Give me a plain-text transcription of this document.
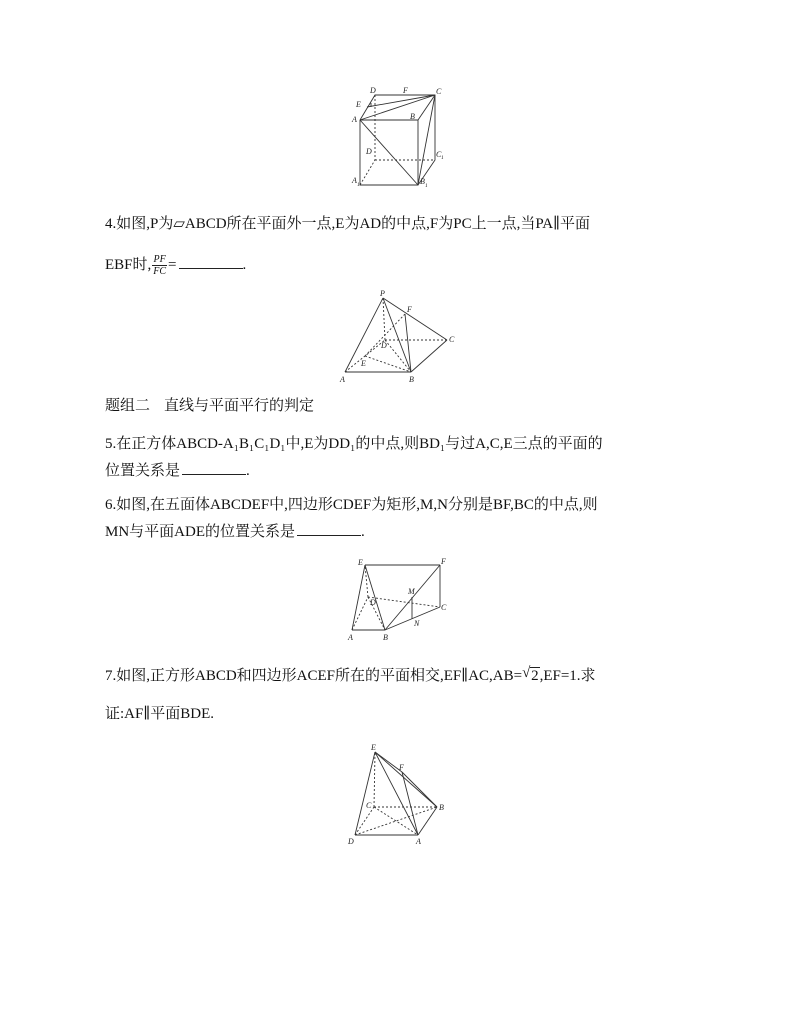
D	F	C
E
A	B
D	C 1
A 1	B 1
4.如图,P为▱ABCD所在平面外一点,E为AD的中点,F为PC上一点,当PA∥平面
EBF时, $\frac{PF}{FC}$ =	.
P
F
D
C
E
A	B
题组二 直线与平面平行的判定
5.在正方体ABCD-A₁B₁C₁D₁中,E为DD₁的中点,则BD₁与过A,C,E三点的平面的
位置关系是	.
6.如图,在五面体ABCDEF中,四边形CDEF为矩形,M,N分别是BF,BC的中点,则
MN与平面ADE的位置关系是	.
E	F
D
M
C
N
A	B
7.如图,正方形ABCD和四边形ACEF所在的平面相交,EF∥AC,AB= √ 2,EF=1.求
证:AF∥平面BDE.
E
F
C	B
D	A
